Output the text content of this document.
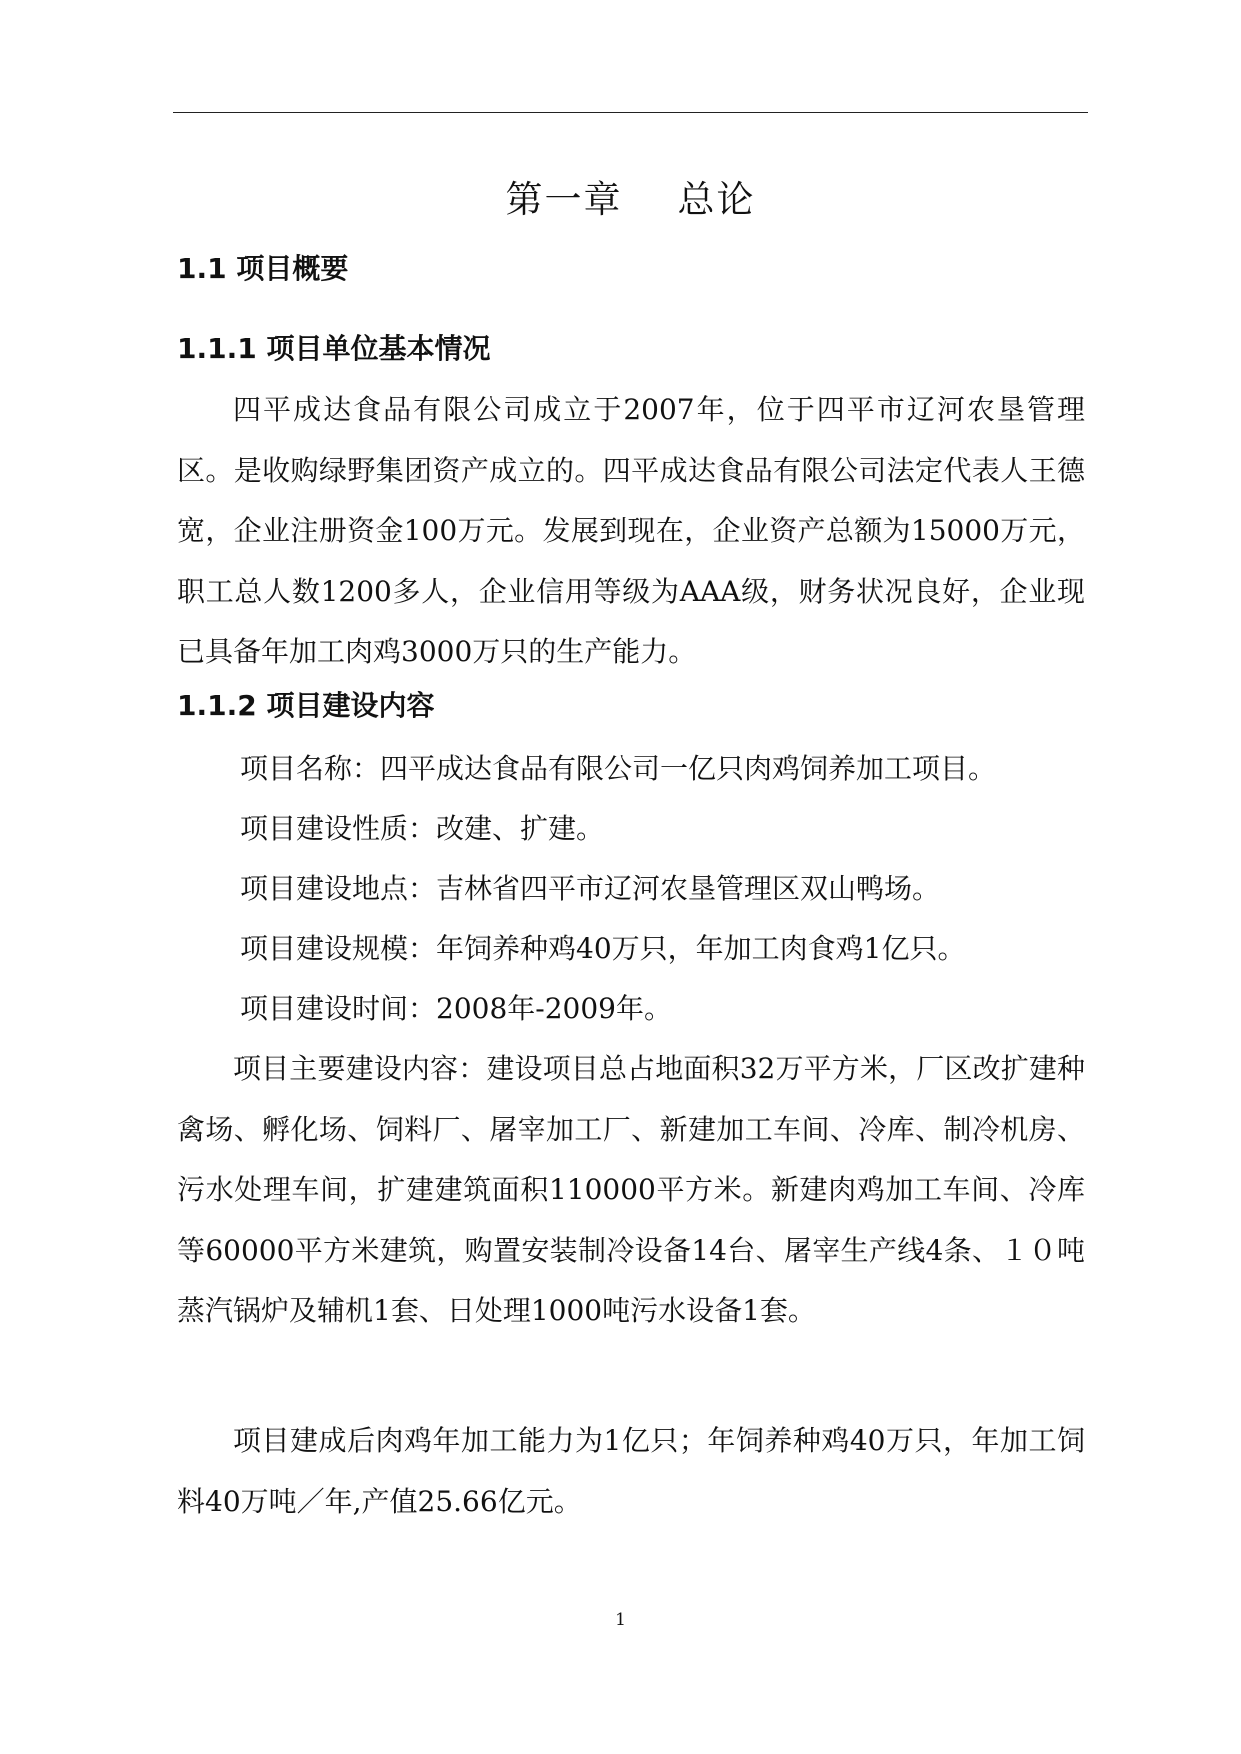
第一章    总论
1.1 项目概要
1.1.1 项目单位基本情况

四平成达食品有限公司成立于2007年，位于四平市辽河农垦管理区。是收购绿野集团资产成立的。四平成达食品有限公司法定代表人王德宽，企业注册资金100万元。发展到现在，企业资产总额为15000万元，职工总人数1200多人，企业信用等级为AAA级，财务状况良好，企业现已具备年加工肉鸡3000万只的生产能力。

1.1.2 项目建设内容

项目名称：四平成达食品有限公司一亿只肉鸡饲养加工项目。

项目建设性质：改建、扩建。

项目建设地点：吉林省四平市辽河农垦管理区双山鸭场。

项目建设规模：年饲养种鸡40万只，年加工肉食鸡1亿只。

项目建设时间：2008年-2009年。

项目主要建设内容：建设项目总占地面积32万平方米，厂区改扩建种禽场、孵化场、饲料厂、屠宰加工厂、新建加工车间、冷库、制冷机房、污水处理车间，扩建建筑面积110000平方米。新建肉鸡加工车间、冷库等60000平方米建筑，购置安装制冷设备14台、屠宰生产线4条、１０吨蒸汽锅炉及辅机1套、日处理1000吨污水设备1套。

项目建成后肉鸡年加工能力为1亿只；年饲养种鸡40万只，年加工饲料40万吨／年,产值25.66亿元。

1
